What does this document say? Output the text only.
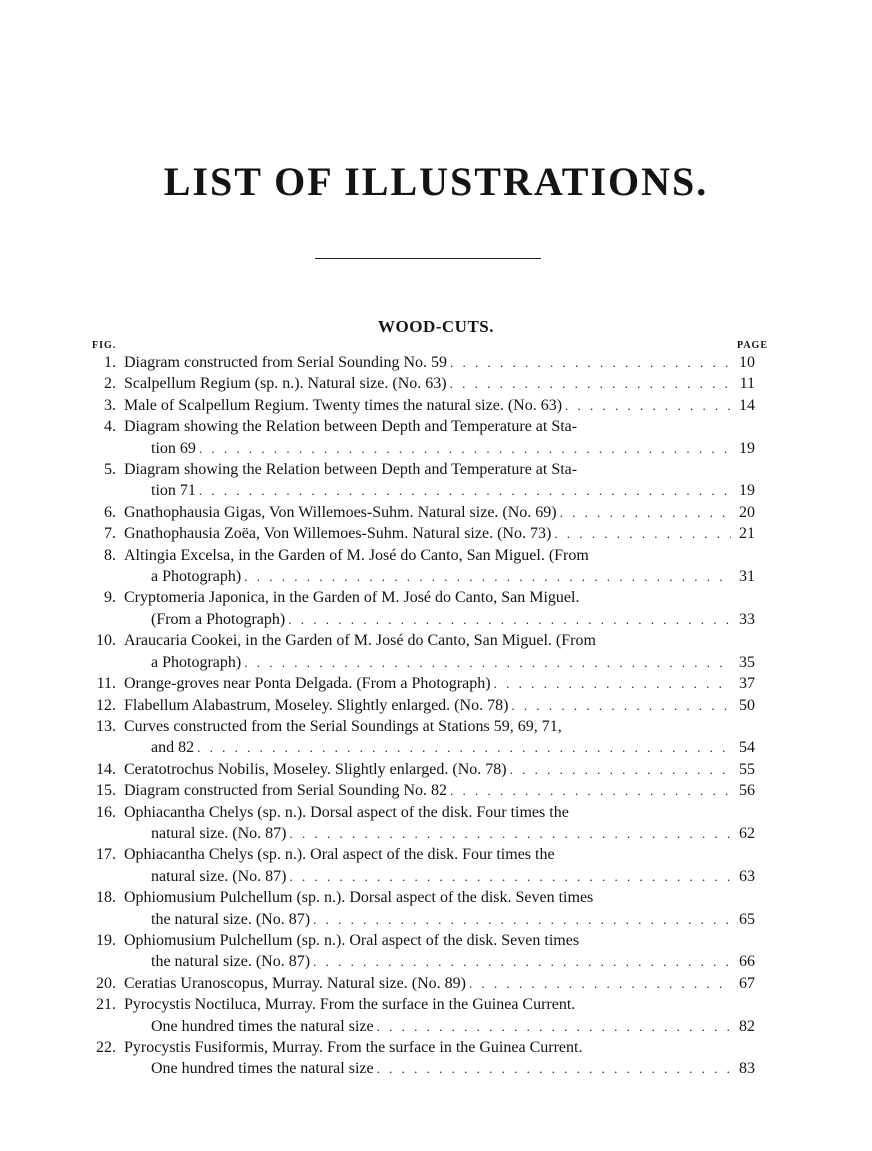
LIST OF ILLUSTRATIONS.
WOOD-CUTS.
FIG.	PAGE
1. Diagram constructed from Serial Sounding No. 59 . . .	10
2. Scalpellum Regium (sp. n.). Natural size. (No. 63) . . .	11
3. Male of Scalpellum Regium. Twenty times the natural size. (No. 63) . . .	14
4. Diagram showing the Relation between Depth and Temperature at Sta-
tion 69 . . .	19
5. Diagram showing the Relation between Depth and Temperature at Sta-
tion 71 . . .	19
6. Gnathophausia Gigas, Von Willemoes-Suhm. Natural size. (No. 69) . . .	20
7. Gnathophausia Zoëa, Von Willemoes-Suhm. Natural size. (No. 73) . . .	21
8. Altingia Excelsa, in the Garden of M. José do Canto, San Miguel. (From
a Photograph) . . .	31
9. Cryptomeria Japonica, in the Garden of M. José do Canto, San Miguel.
(From a Photograph) . . .	33
10. Araucaria Cookei, in the Garden of M. José do Canto, San Miguel. (From
a Photograph) . . .	35
11. Orange-groves near Ponta Delgada. (From a Photograph) . . .	37
12. Flabellum Alabastrum, Moseley. Slightly enlarged. (No. 78) . . .	50
13. Curves constructed from the Serial Soundings at Stations 59, 69, 71,
and 82 . . .	54
14. Ceratotrochus Nobilis, Moseley. Slightly enlarged. (No. 78) . . .	55
15. Diagram constructed from Serial Sounding No. 82 . . .	56
16. Ophiacantha Chelys (sp. n.). Dorsal aspect of the disk. Four times the
natural size. (No. 87) . . .	62
17. Ophiacantha Chelys (sp. n.). Oral aspect of the disk. Four times the
natural size. (No. 87) . . .	63
18. Ophiomusium Pulchellum (sp. n.). Dorsal aspect of the disk. Seven times
the natural size. (No. 87) . . .	65
19. Ophiomusium Pulchellum (sp. n.). Oral aspect of the disk. Seven times
the natural size. (No. 87) . . .	66
20. Ceratias Uranoscopus, Murray. Natural size. (No. 89) . . .	67
21. Pyrocystis Noctiluca, Murray. From the surface in the Guinea Current.
One hundred times the natural size . . .	82
22. Pyrocystis Fusiformis, Murray. From the surface in the Guinea Current.
One hundred times the natural size . . .	83
